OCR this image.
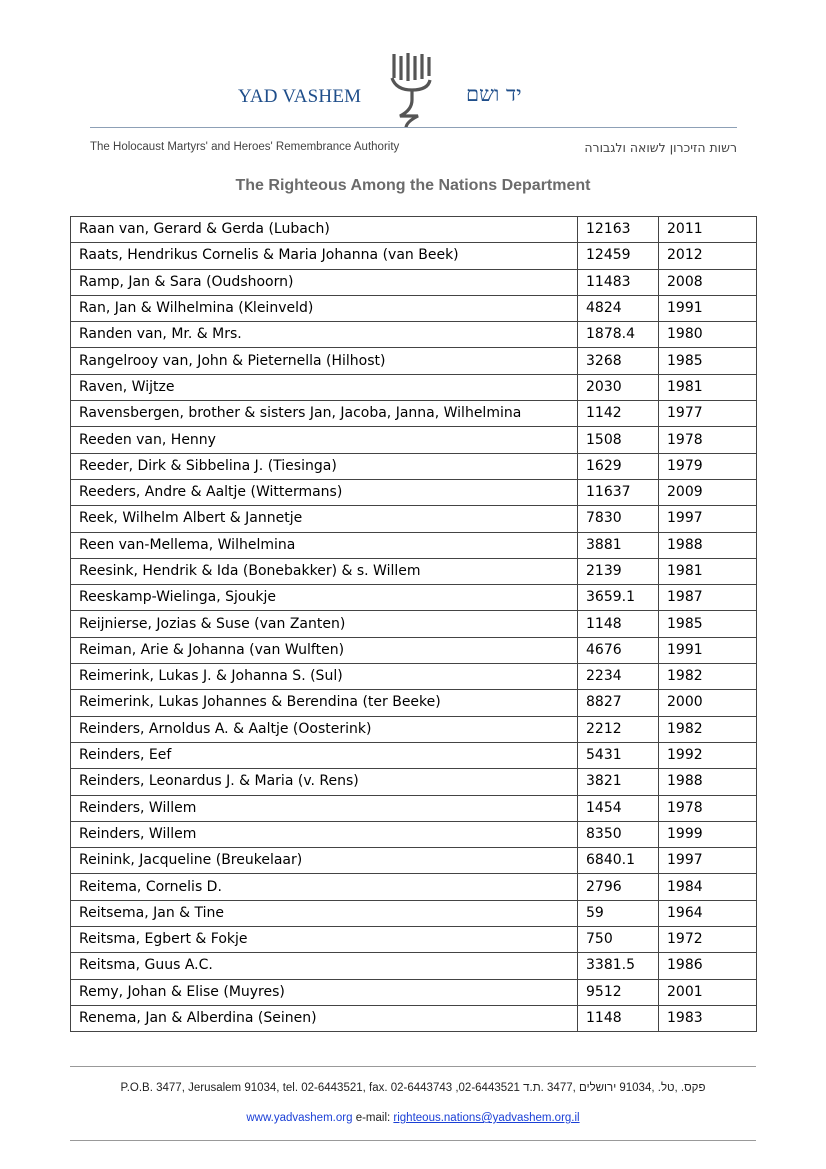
YAD VASHEM	יד ושם
The Holocaust Martyrs' and Heroes' Remembrance Authority	רשות הזיכרון לשואה ולגבורה
The Righteous Among the Nations Department
Raan van, Gerard & Gerda (Lubach)	12163	2011
Raats, Hendrikus Cornelis & Maria Johanna (van Beek)	12459	2012
Ramp, Jan & Sara (Oudshoorn)	11483	2008
Ran, Jan & Wilhelmina (Kleinveld)	4824	1991
Randen van, Mr. & Mrs.	1878.4	1980
Rangelrooy van, John & Pieternella (Hilhost)	3268	1985
Raven, Wijtze	2030	1981
Ravensbergen, brother & sisters Jan, Jacoba, Janna, Wilhelmina	1142	1977
Reeden van, Henny	1508	1978
Reeder, Dirk & Sibbelina J. (Tiesinga)	1629	1979
Reeders, Andre & Aaltje (Wittermans)	11637	2009
Reek, Wilhelm Albert & Jannetje	7830	1997
Reen van-Mellema, Wilhelmina	3881	1988
Reesink, Hendrik & Ida (Bonebakker) & s. Willem	2139	1981
Reeskamp-Wielinga, Sjoukje	3659.1	1987
Reijnierse, Jozias & Suse (van Zanten)	1148	1985
Reiman, Arie & Johanna (van Wulften)	4676	1991
Reimerink, Lukas J. & Johanna S. (Sul)	2234	1982
Reimerink, Lukas Johannes & Berendina (ter Beeke)	8827	2000
Reinders, Arnoldus A. & Aaltje (Oosterink)	2212	1982
Reinders, Eef	5431	1992
Reinders, Leonardus J. & Maria (v. Rens)	3821	1988
Reinders, Willem	1454	1978
Reinders, Willem	8350	1999
Reinink, Jacqueline (Breukelaar)	6840.1	1997
Reitema, Cornelis D.	2796	1984
Reitsema, Jan & Tine	59	1964
Reitsma, Egbert & Fokje	750	1972
Reitsma, Guus A.C.	3381.5	1986
Remy, Johan & Elise (Muyres)	9512	2001
Renema, Jan & Alberdina (Seinen)	1148	1983
P.O.B. 3477, Jerusalem 91034, tel. 02-6443521, fax. 02-6443743 ,02-6443521 פקס. ,טל. ,91034 ירושלים ,3477 .ת.ד
www.yadvashem.org e-mail: righteous.nations@yadvashem.org.il
